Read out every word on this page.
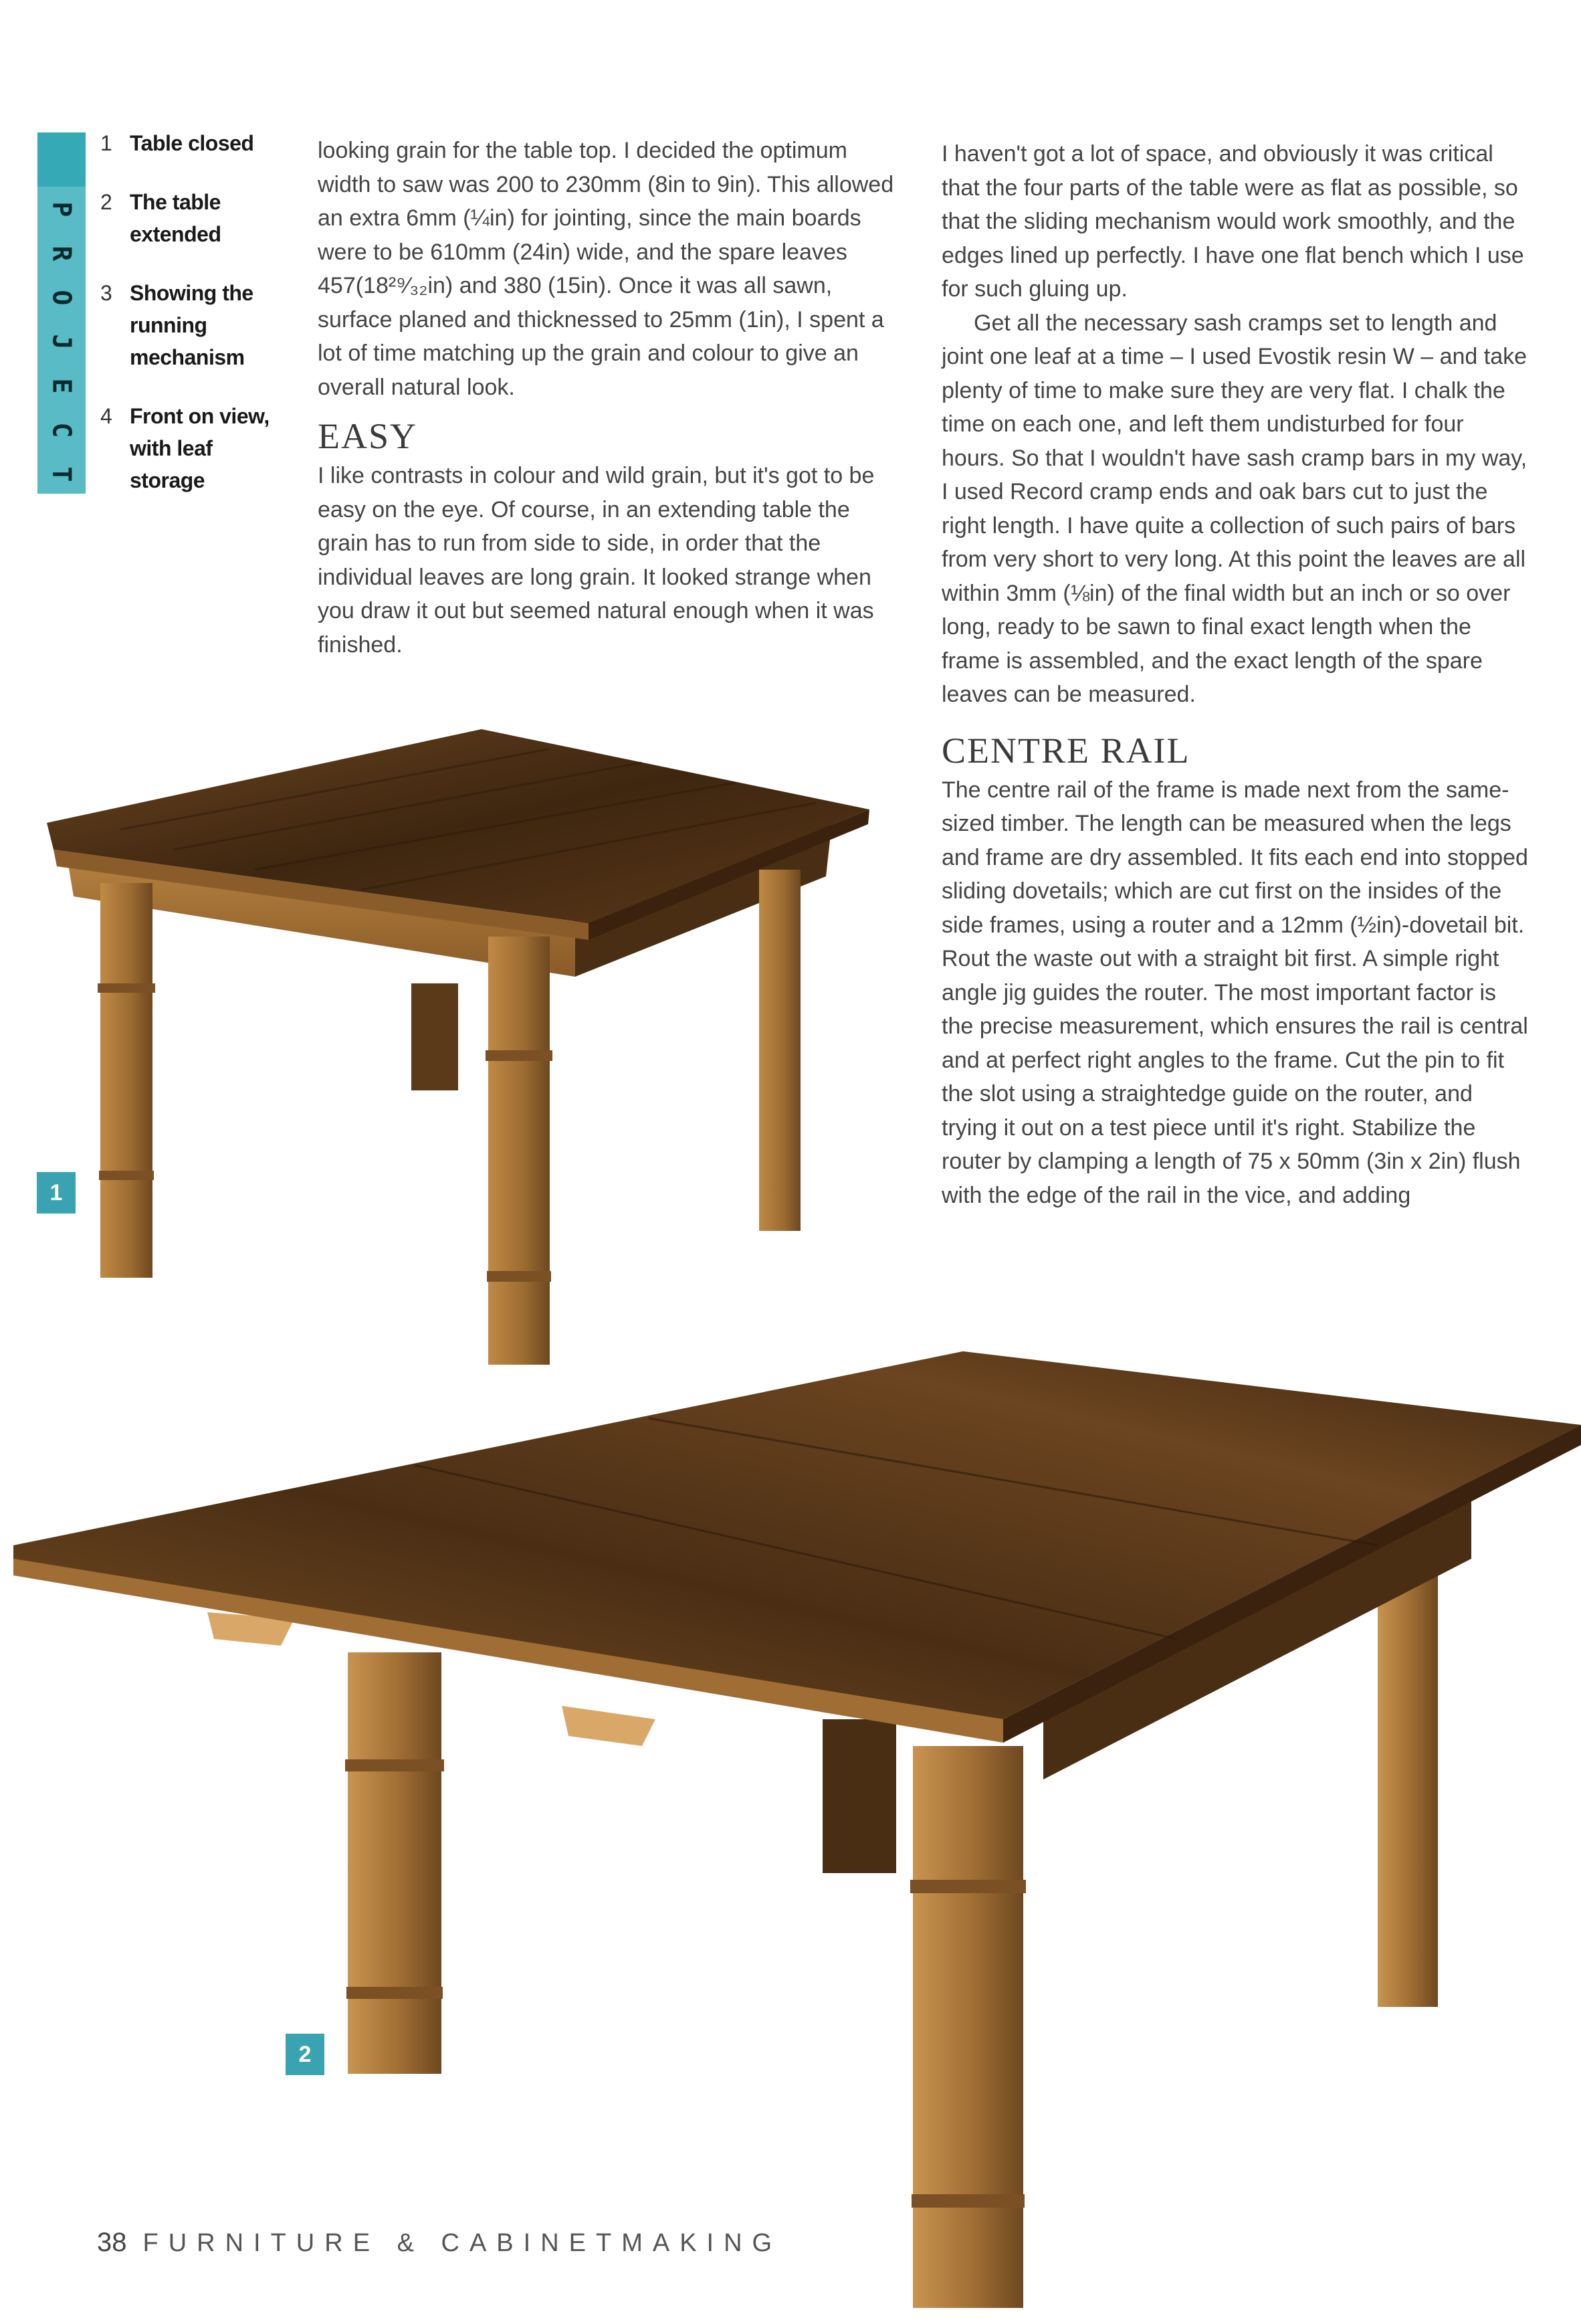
P
R
O
J
E
C
T
1 Table closed
2 The table
extended
3 Showing the
running
mechanism
4 Front on view,
with leaf
storage

looking grain for the table top. I decided the optimum width to saw was 200 to 230mm (8in to 9in). This allowed an extra 6mm (¼in) for jointing, since the main boards were to be 610mm (24in) wide, and the spare leaves 457(18²⁹⁄₃₂in) and 380 (15in). Once it was all sawn, surface planed and thicknessed to 25mm (1in), I spent a lot of time matching up the grain and colour to give an overall natural look.

EASY

I like contrasts in colour and wild grain, but it's got to be easy on the eye. Of course, in an extending table the grain has to run from side to side, in order that the individual leaves are long grain. It looked strange when you draw it out but seemed natural enough when it was finished.

I haven't got a lot of space, and obviously it was critical that the four parts of the table were as flat as possible, so that the sliding mechanism would work smoothly, and the edges lined up perfectly. I have one flat bench which I use for such gluing up.

Get all the necessary sash cramps set to length and joint one leaf at a time – I used Evostik resin W – and take plenty of time to make sure they are very flat. I chalk the time on each one, and left them undisturbed for four hours. So that I wouldn't have sash cramp bars in my way, I used Record cramp ends and oak bars cut to just the right length. I have quite a collection of such pairs of bars from very short to very long. At this point the leaves are all within 3mm (⅛in) of the final width but an inch or so over long, ready to be sawn to final exact length when the frame is assembled, and the exact length of the spare leaves can be measured.

CENTRE RAIL

The centre rail of the frame is made next from the same-sized timber. The length can be measured when the legs and frame are dry assembled. It fits each end into stopped sliding dovetails; which are cut first on the insides of the side frames, using a router and a 12mm (½in)-dovetail bit. Rout the waste out with a straight bit first. A simple right angle jig guides the router. The most important factor is the precise measurement, which ensures the rail is central and at perfect right angles to the frame. Cut the pin to fit the slot using a straightedge guide on the router, and trying it out on a test piece until it's right. Stabilize the router by clamping a length of 75 x 50mm (3in x 2in) flush with the edge of the rail in the vice, and adding

1
2
38 FURNITURE & CABINETMAKING
